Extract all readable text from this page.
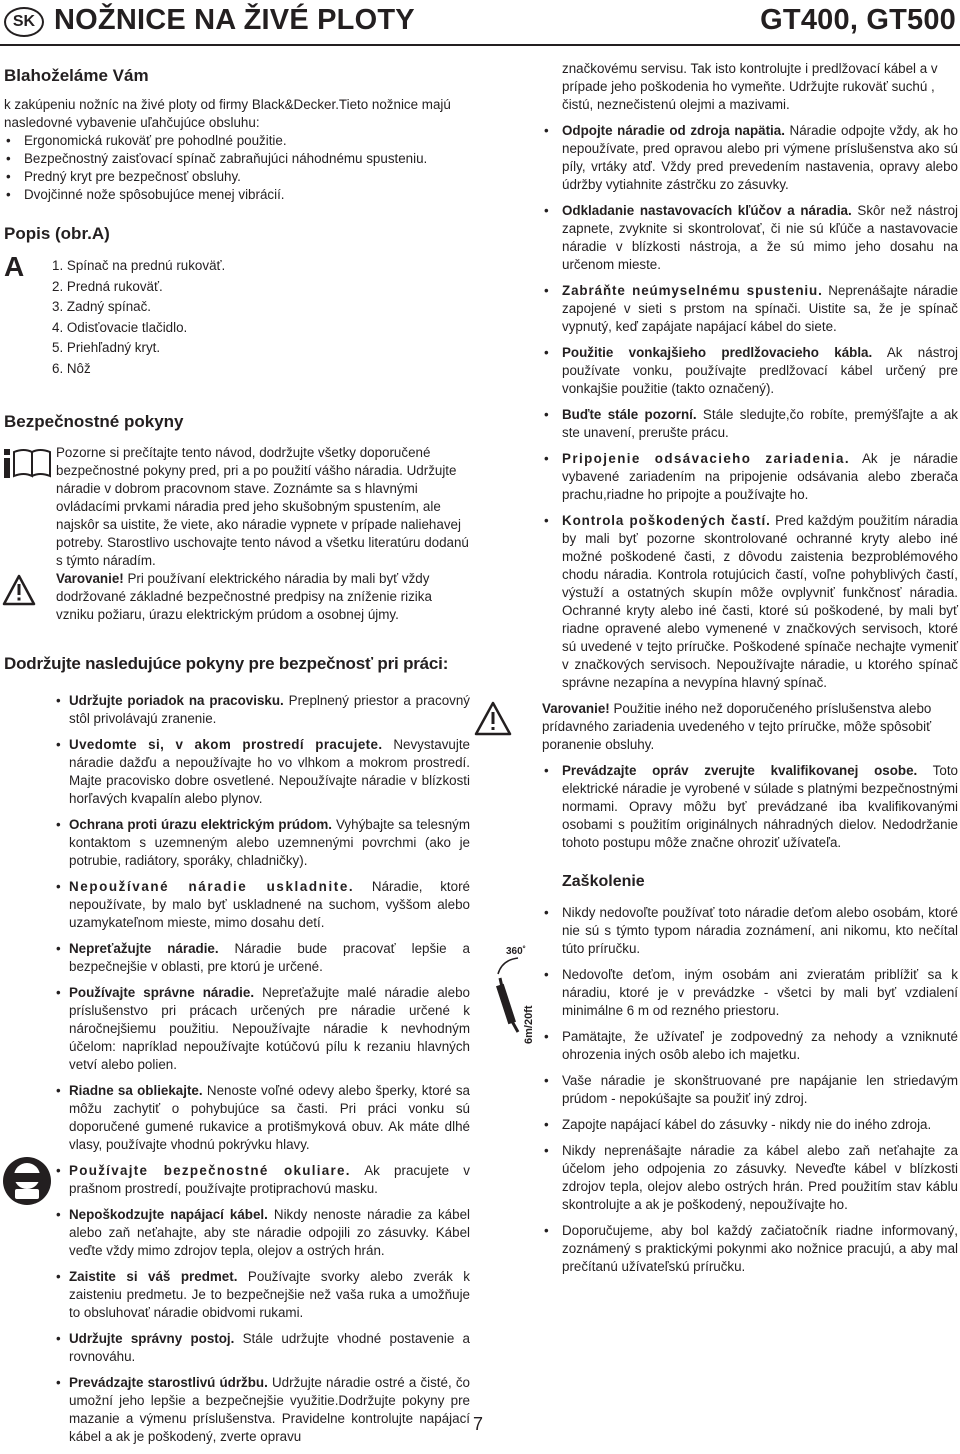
SK NOŽNICE NA ŽIVÉ PLOTY	GT400, GT500
Blahoželáme Vám

k zakúpeniu nožníc na živé ploty od firmy Black&Decker.Tieto nožnice majú nasledovné vybavenie uľahčujúce obsluhu:

• Ergonomická rukoväť pre pohodlné použitie.
• Bezpečnostný zaisťovací spínač zabraňujúci náhodnému spusteniu.
• Predný kryt pre bezpečnosť obsluhy.
• Dvojčinné nože spôsobujúce menej vibrácií.
Popis (obr.A)
A 1. Spínač na prednú rukoväť.
2. Predná rukoväť.
3. Zadný spínač.
4. Odisťovacie tlačidlo.
5. Priehľadný kryt.
6. Nôž
Bezpečnostné pokyny

Pozorne si prečítajte tento návod, dodržujte všetky doporučené bezpečnostné pokyny pred, pri a po použití vášho náradia. Udržujte náradie v dobrom pracovnom stave. Zoznámte sa s hlavnými ovládacími prvkami náradia pred jeho skušobným spustením, ale najskôr sa uistite, že viete, ako náradie vypnete v prípade naliehavej potreby. Starostlivo uschovajte tento návod a všetku literatúru dodanú s týmto náradím.

Varovanie! Pri používaní elektrického náradia by mali byť vždy dodržované základné bezpečnostné predpisy na zníženie rizika vzniku požiaru, úrazu elektrickým prúdom a osobnej újmy.

Dodržujte nasledujúce pokyny pre bezpečnosť pri práci:
• Udržujte poriadok na pracovisku. Preplnený priestor a pracovný stôl privolávajú zranenie.
• Uvedomte si, v akom prostredí pracujete. Nevystavujte náradie dažďu a nepoužívajte ho vo vlhkom a mokrom prostredí. Majte pracovisko dobre osvetlené. Nepoužívajte náradie v blízkosti horľavých kvapalín alebo plynov.
• Ochrana proti úrazu elektrickým prúdom. Vyhýbajte sa telesným kontaktom s uzemneným alebo uzemnenými povrchmi (ako je potrubie, radiátory, sporáky, chladničky).
• Nepoužívané náradie uskladnite. Náradie, ktoré nepoužívate, by malo byť uskladnené na suchom, vyššom alebo uzamykateľnom mieste, mimo dosahu detí.
• Nepreťažujte náradie. Náradie bude pracovať lepšie a bezpečnejšie v oblasti, pre ktorú je určené.
• Používajte správne náradie. Nepreťažujte malé náradie alebo príslušenstvo pri prácach určených pre náradie určené k náročnejšiemu použitiu. Nepoužívajte náradie k nevhodným účelom: napríklad nepoužívajte kotúčovú pílu k rezaniu hlavných vetví alebo polien.
• Riadne sa obliekajte. Nenoste voľné odevy alebo šperky, ktoré sa môžu zachytiť o pohybujúce sa časti. Pri práci vonku sú doporučené gumené rukavice a protišmyková obuv. Ak máte dlhé vlasy, používajte vhodnú pokrývku hlavy.
• Používajte bezpečnostné okuliare. Ak pracujete v prašnom prostredí, používajte protiprachovú masku.
• Nepoškodzujte napájací kábel. Nikdy nenoste náradie za kábel alebo zaň neťahajte, aby ste náradie odpojili zo zásuvky. Kábel veďte vždy mimo zdrojov tepla, olejov a ostrých hrán.
• Zaistite si váš predmet. Používajte svorky alebo zverák k zaisteniu predmetu. Je to bezpečnejšie než vaša ruka a umožňuje to obsluhovať náradie obidvomi rukami.
• Udržujte správny postoj. Stále udržujte vhodné postavenie a rovnováhu.
• Prevádzajte starostlivú údržbu. Udržujte náradie ostré a čisté, čo umožní jeho lepšie a bezpečnejšie využitie.Dodržujte pokyny pre mazanie a výmenu príslušenstva. Pravidelne kontrolujte napájací kábel a ak je poškodený, zverte opravu

značkovému servisu. Tak isto kontrolujte i predlžovací kábel a v prípade jeho poškodenia ho vymeňte. Udržujte rukoväť suchú , čistú, neznečistenú olejmi a mazivami.

• Odpojte náradie od zdroja napätia. Náradie odpojte vždy, ak ho nepoužívate, pred opravou alebo pri výmene príslušenstva ako sú píly, vrtáky atď. Vždy pred prevedením nastavenia, opravy alebo údržby vytiahnite zástrčku zo zásuvky.
• Odkladanie nastavovacích kľúčov a náradia. Skôr než nástroj zapnete, zvyknite si skontrolovať, či nie sú kľúče a nastavovacie náradie v blízkosti nástroja, a že sú mimo jeho dosahu na určenom mieste.
• Zabráňte neúmyselnému spusteniu. Neprenášajte náradie zapojené v sieti s prstom na spínači. Uistite sa, že je spínač vypnutý, keď zapájate napájací kábel do siete.
• Použitie vonkajšieho predlžovacieho kábla. Ak nástroj používate vonku, používajte predlžovací kábel určený pre vonkajšie použitie (takto označený).
• Buďte stále pozorní. Stále sledujte,čo robíte, premýšľajte a ak ste unavení, prerušte prácu.
• Pripojenie odsávacieho zariadenia. Ak je náradie vybavené zariadením na pripojenie odsávania alebo zberača prachu,riadne ho pripojte a používajte ho.
• Kontrola poškodených častí. Pred každým použitím náradia by mali byť pozorne skontrolované ochranné kryty alebo iné možné poškodené časti, z dôvodu zaistenia bezproblémového chodu náradia. Kontrola rotujúcich častí, voľne pohyblivých častí, výstuží a ostatných skupín môže ovplyvniť funkčnosť náradia. Ochranné kryty alebo iné časti, ktoré sú poškodené, by mali byť riadne opravené alebo vymenené v značkových servisoch, ktoré sú uvedené v tejto príručke. Poškodené spínače nechajte vymeniť v značkových servisoch. Nepoužívajte náradie, u ktorého spínač správne nezapína a nevypína hlavný spínač.

Varovanie! Použitie iného než doporučeného príslušenstva alebo prídavného zariadenia uvedeného v tejto príručke, môže spôsobiť poranenie obsluhy.

• Prevádzajte opráv zverujte kvalifikovanej osobe. Toto elektrické náradie je vyrobené v súlade s platnými bezpečnostnými normami. Opravy môžu byť prevádzané iba kvalifikovanými osobami s použitím originálnych náhradných dielov. Nedodržanie tohoto postupu môže značne ohroziť užívateľa.
Zaškolenie
360˚
6m/20ft
• Nikdy nedovoľte používať toto náradie deťom alebo osobám, ktoré nie sú s týmto typom náradia zoznámení, ani nikomu, kto nečítal túto príručku.
• Nedovoľte deťom, iným osobám ani zvieratám priblížiť sa k náradiu, ktoré je v prevádzke - všetci by mali byť vzdialení minimálne 6 m od rezného priestoru.
• Pamätajte, že užívateľ je zodpovedný za nehody a vzniknuté ohrozenia iných osôb alebo ich majetku.
• Vaše náradie je skonštruované pre napájanie len striedavým prúdom - nepokúšajte sa použiť iný zdroj.
• Zapojte napájací kábel do zásuvky - nikdy nie do iného zdroja.
• Nikdy neprenášajte náradie za kábel alebo zaň neťahajte za účelom jeho odpojenia zo zásuvky. Neveďte kábel v blízkosti zdrojov tepla, olejov alebo ostrých hrán. Pred použitím stav káblu skontrolujte a ak je poškodený, nepoužívajte ho.
• Doporučujeme, aby bol každý začiatočník riadne informovaný, zoznámený s praktickými pokynmi ako nožnice pracujú, a aby mal prečítanú užívateľskú príručku.
7
